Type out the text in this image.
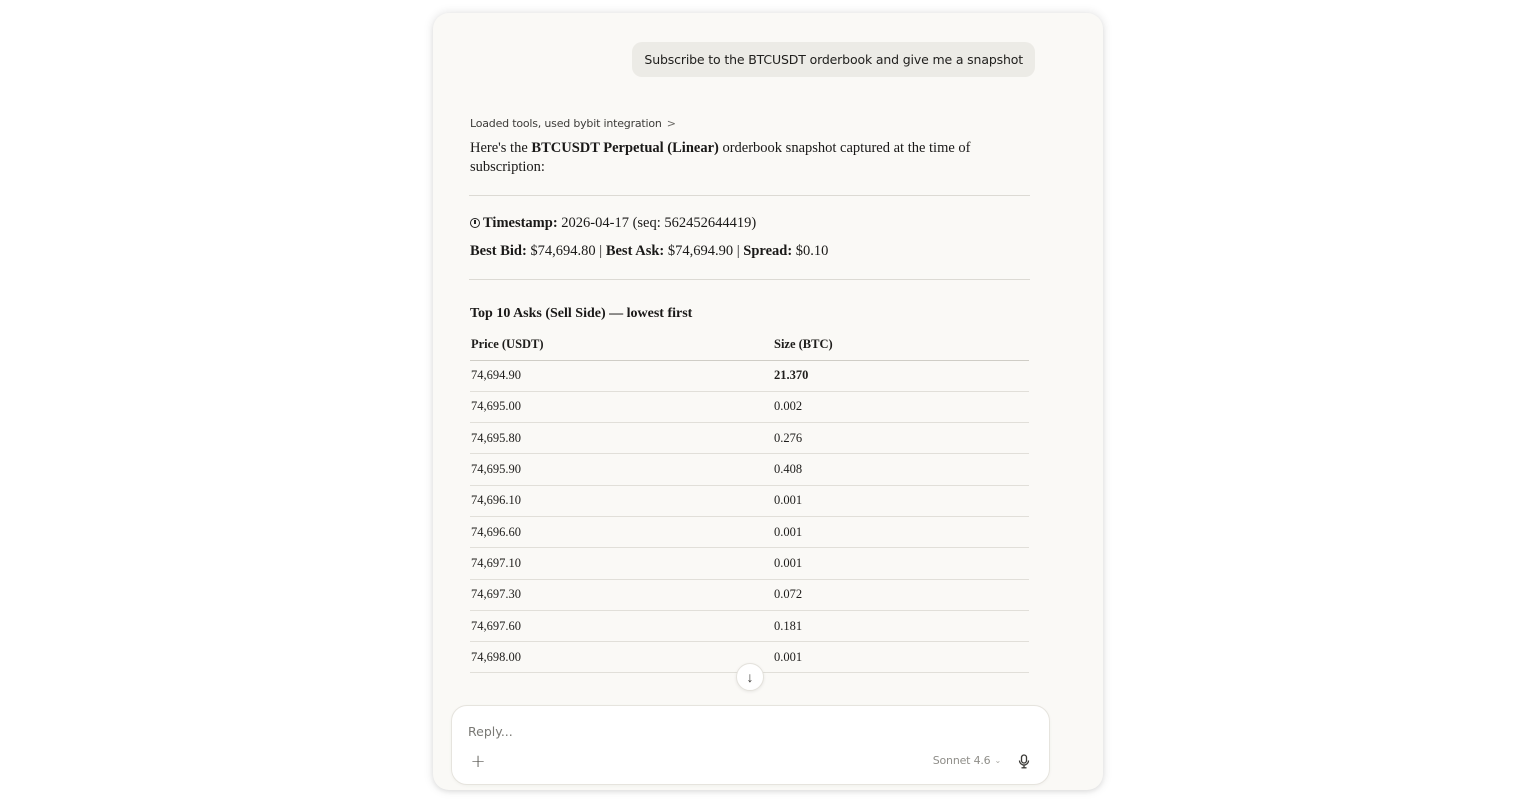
Subscribe to the BTCUSDT orderbook and give me a snapshot
Loaded tools, used bybit integration >
Here's the BTCUSDT Perpetual (Linear) orderbook snapshot captured at the time of subscription:
Timestamp: 2026-04-17 (seq: 562452644419)
Best Bid: $74,694.80 | Best Ask: $74,694.90 | Spread: $0.10
Top 10 Asks (Sell Side) — lowest first
Price (USDT)	Size (BTC)
74,694.90	21.370
74,695.00	0.002
74,695.80	0.276
74,695.90	0.408
74,696.10	0.001
74,696.60	0.001
74,697.10	0.001
74,697.30	0.072
74,697.60	0.181
74,698.00	0.001
↓
Reply...
+	Sonnet 4.6 ⌄
